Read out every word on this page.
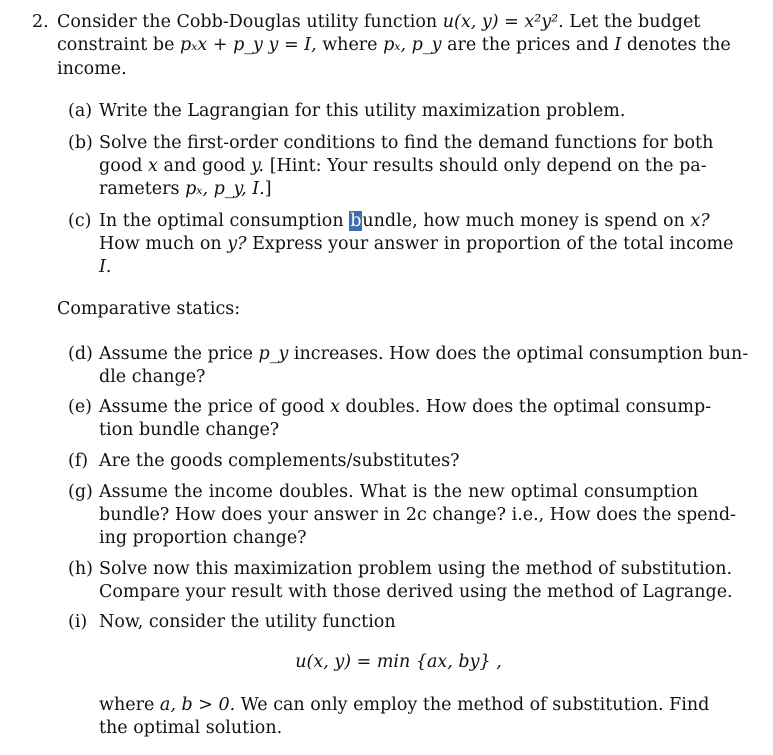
2. Consider the Cobb-Douglas utility function u(x, y) = x²y². Let the budget
constraint be pₓx + p_y y = I, where pₓ, p_y are the prices and I denotes the
income.
(a) Write the Lagrangian for this utility maximization problem.
(b) Solve the first-order conditions to find the demand functions for both
good x and good y. [Hint: Your results should only depend on the pa-
rameters pₓ, p_y, I.]
(c) In the optimal consumption bundle, how much money is spend on x?
How much on y? Express your answer in proportion of the total income
I.
Comparative statics:
(d) Assume the price p_y increases. How does the optimal consumption bun-
dle change?
(e) Assume the price of good x doubles. How does the optimal consump-
tion bundle change?
(f) Are the goods complements/substitutes?
(g) Assume the income doubles. What is the new optimal consumption
bundle? How does your answer in 2c change? i.e., How does the spend-
ing proportion change?
(h) Solve now this maximization problem using the method of substitution.
Compare your result with those derived using the method of Lagrange.
(i) Now, consider the utility function
u(x, y) = min {ax, by} ,
where a, b > 0. We can only employ the method of substitution. Find
the optimal solution.
